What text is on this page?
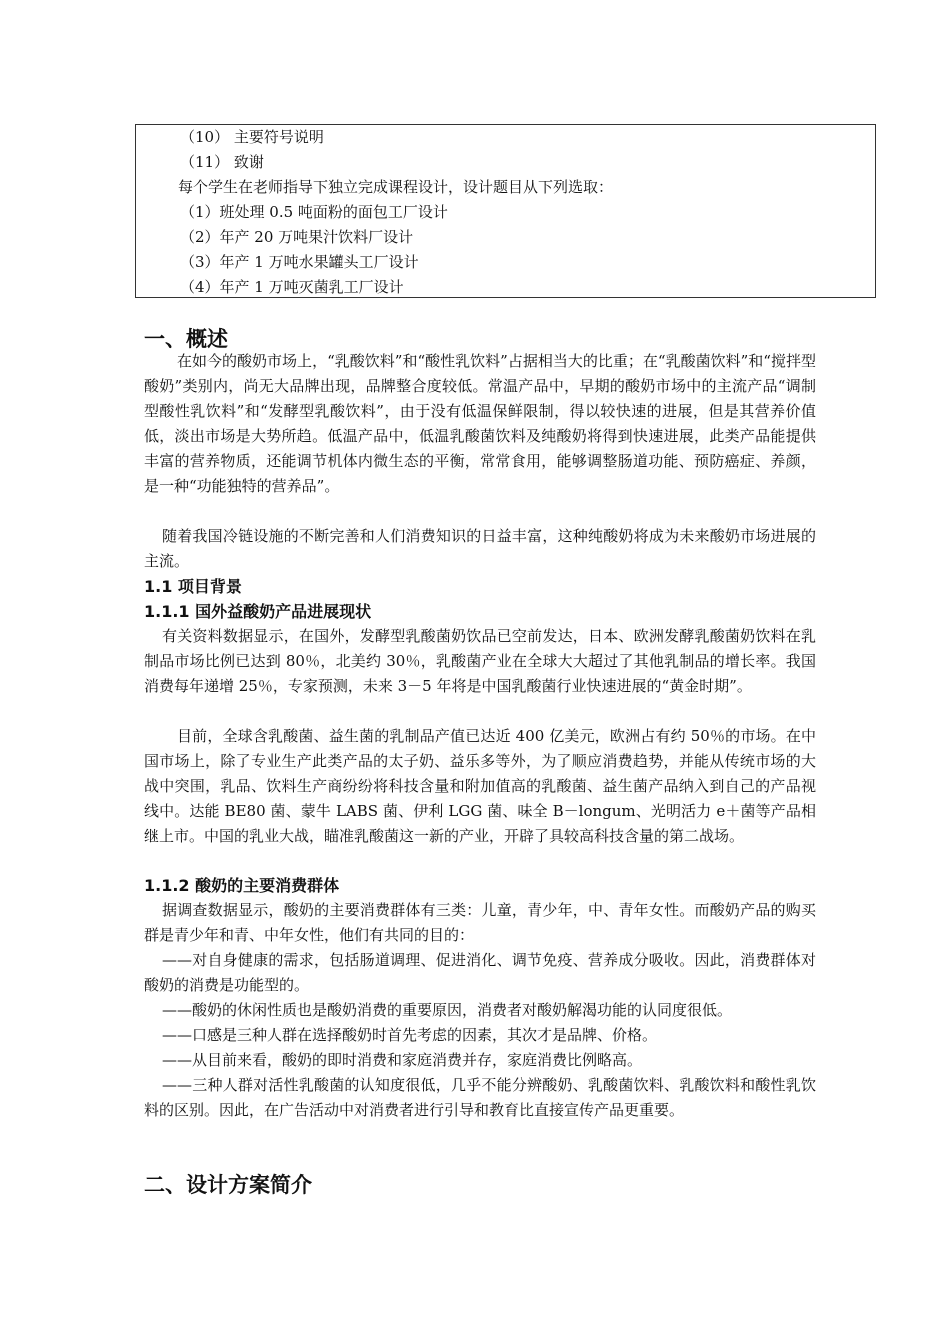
（10） 主要符号说明
（11） 致谢
每个学生在老师指导下独立完成课程设计，设计题目从下列选取：
（1）班处理 0.5 吨面粉的面包工厂设计
（2）年产 20 万吨果汁饮料厂设计
（3）年产 1 万吨水果罐头工厂设计
（4）年产 1 万吨灭菌乳工厂设计
一、概述
在如今的酸奶市场上，“乳酸饮料”和“酸性乳饮料”占据相当大的比重；在“乳酸菌饮料”和“搅拌型酸奶”类别内，尚无大品牌出现，品牌整合度较低。常温产品中，早期的酸奶市场中的主流产品“调制型酸性乳饮料”和“发酵型乳酸饮料”，由于没有低温保鲜限制，得以较快速的进展，但是其营养价值低，淡出市场是大势所趋。低温产品中，低温乳酸菌饮料及纯酸奶将得到快速进展，此类产品能提供丰富的营养物质，还能调节机体内微生态的平衡，常常食用，能够调整肠道功能、预防癌症、养颜，是一种“功能独特的营养品”。
随着我国冷链设施的不断完善和人们消费知识的日益丰富，这种纯酸奶将成为未来酸奶市场进展的主流。
1.1 项目背景
1.1.1 国外益酸奶产品进展现状
有关资料数据显示，在国外，发酵型乳酸菌奶饮品已空前发达，日本、欧洲发酵乳酸菌奶饮料在乳制品市场比例已达到 80％，北美约 30％，乳酸菌产业在全球大大超过了其他乳制品的增长率。我国消费每年递增 25％，专家预测，未来 3－5 年将是中国乳酸菌行业快速进展的“黄金时期”。
目前，全球含乳酸菌、益生菌的乳制品产值已达近 400 亿美元，欧洲占有约 50％的市场。在中国市场上，除了专业生产此类产品的太子奶、益乐多等外，为了顺应消费趋势，并能从传统市场的大战中突围，乳品、饮料生产商纷纷将科技含量和附加值高的乳酸菌、益生菌产品纳入到自己的产品视线中。达能 BE80 菌、蒙牛 LABS 菌、伊利 LGG 菌、味全 B－longum、光明活力 e＋菌等产品相继上市。中国的乳业大战，瞄准乳酸菌这一新的产业，开辟了具较高科技含量的第二战场。
1.1.2 酸奶的主要消费群体
据调查数据显示，酸奶的主要消费群体有三类：儿童，青少年，中、青年女性。而酸奶产品的购买群是青少年和青、中年女性，他们有共同的目的：
——对自身健康的需求，包括肠道调理、促进消化、调节免疫、营养成分吸收。因此，消费群体对酸奶的消费是功能型的。
——酸奶的休闲性质也是酸奶消费的重要原因，消费者对酸奶解渴功能的认同度很低。
——口感是三种人群在选择酸奶时首先考虑的因素，其次才是品牌、价格。
——从目前来看，酸奶的即时消费和家庭消费并存，家庭消费比例略高。
——三种人群对活性乳酸菌的认知度很低，几乎不能分辨酸奶、乳酸菌饮料、乳酸饮料和酸性乳饮料的区别。因此，在广告活动中对消费者进行引导和教育比直接宣传产品更重要。
二、设计方案简介
